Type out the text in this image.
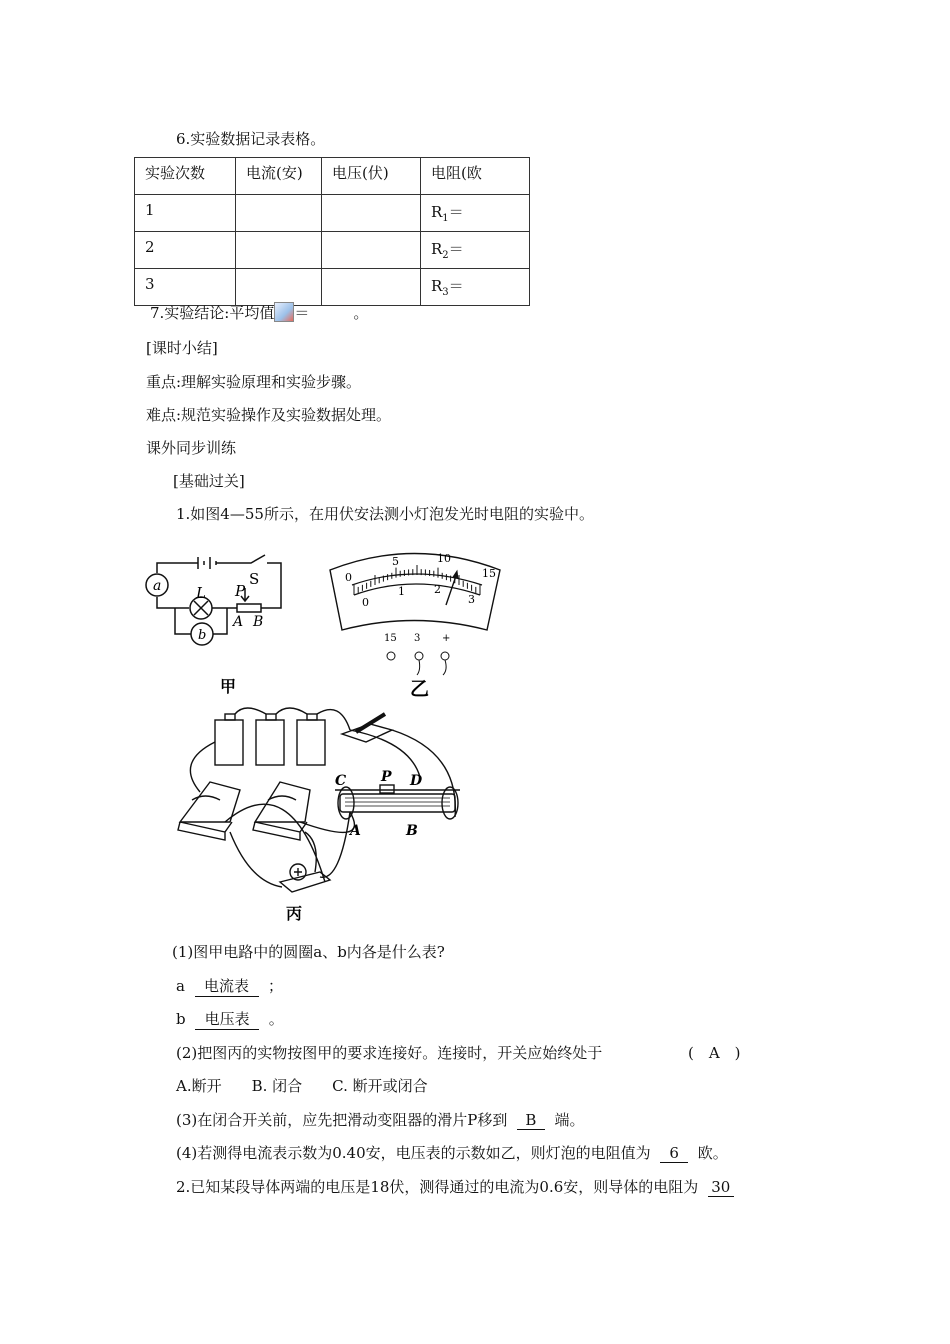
6.实验数据记录表格。
实验次数	电流(安)	电压(伏)	电阻(欧
1			$R_1=$
2			$R_2=$
3			$R_3=$
7.实验结论:平均值 ＝	。
[课时小结]
重点:理解实验原理和实验步骤。
难点:规范实验操作及实验数据处理。
课外同步训练
[基础过关]
1.如图4—55所示，在用伏安法测小灯泡发光时电阻的实验中。
a L
S
P
A B
b
0
5	10
15
0
1	2
3
15 3 +
乙
甲
C P D
A	B
丙
(1)图甲电路中的圆圈a、b内各是什么表?
a 电流表 ；
b 电压表 。
(2)把图丙的实物按图甲的要求连接好。连接时，开关应始终处于	(　A　)
A.断开　　B. 闭合　　C. 断开或闭合
(3)在闭合开关前，应先把滑动变阻器的滑片P移到 B 端。
(4)若测得电流表示数为0.40安，电压表的示数如乙，则灯泡的电阻值为 6 欧。
2.已知某段导体两端的电压是18伏，测得通过的电流为0.6安，则导体的电阻为 30
